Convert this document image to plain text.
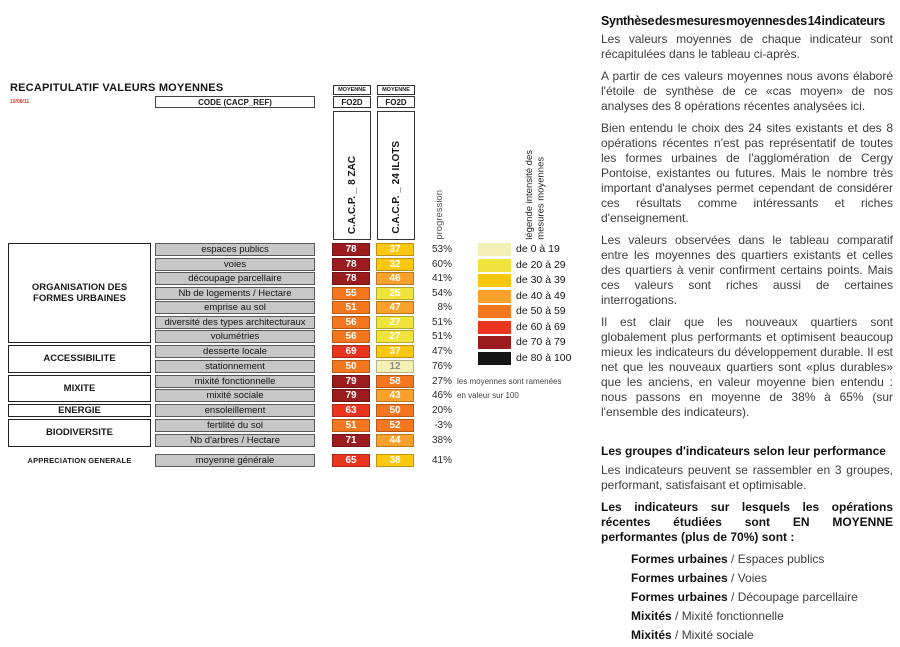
RECAPITULATIF VALEURS MOYENNES
19/08/11	CODE (CACP_REF)
MOYENNE
FO2D
C.A.C.P. _ 8 ZAC
MOYENNE
FO2D
C.A.C.P. _ 24 ILOTS	progression	légende intensité des
mesures moyennes
ORGANISATION DES FORMES URBAINES
espaces publics	78	37	53%
voies	78	32	60%
découpage parcellaire	78	46	41%
Nb de logements / Hectare	55	25	54%
emprise au sol	51	47	8%
diversité des types architecturaux	56	27	51%
volumétries	56	27	51%
ACCESSIBILITE
desserte locale	69	37	47%
stationnement	50	12	76%
MIXITE
mixité fonctionnelle	79	58	27% les moyennes sont ramenées
mixité sociale	79	43	46% en valeur sur 100
ENERGIE	ensoleillement	63	50	20%
BIODIVERSITE
fertilité du sol	51	52	-3%
Nb d'arbres / Hectare	71	44	38%
APPRECIATION GENERALE	moyenne générale	65	38	41%
de 0 à 19
de 20 à 29
de 30 à 39
de 40 à 49
de 50 à 59
de 60 à 69
de 70 à 79
de 80 à 100
Synthèse des mesures moyennes des 14 indicateurs
Les valeurs moyennes de chaque indicateur sont récapitulées dans le tableau ci-après.
A partir de ces valeurs moyennes nous avons élaboré l'étoile de synthèse de ce «cas moyen» de nos analyses des 8 opérations récentes analysées ici.
Bien entendu le choix des 24 sites existants et des 8 opérations récentes n'est pas représentatif de toutes les formes urbaines de l'agglomération de Cergy Pontoise, existantes ou futures. Mais le nombre très important d'analyses permet cependant de considérer ces résultats comme intéressants et riches d'enseignement.
Les valeurs observées dans le tableau comparatif entre les moyennes des quartiers existants et celles des quartiers à venir confirment certains points. Mais ces valeurs sont riches aussi de certaines interrogations.
Il est clair que les nouveaux quartiers sont globalement plus performants et optimisent beaucoup mieux les indicateurs du développement durable. Il est net que les nouveaux quartiers sont «plus durables» que les anciens, en valeur moyenne bien entendu : nous passons en moyenne de 38% à 65% (sur l'ensemble des indicateurs).
Les groupes d'indicateurs selon leur performance
Les indicateurs peuvent se rassembler en 3 groupes, performant, satisfaisant et optimisable.
Les indicateurs sur lesquels les opérations récentes étudiées sont EN MOYENNE performantes (plus de 70%) sont :
Formes urbaines / Espaces publics
Formes urbaines / Voies
Formes urbaines / Découpage parcellaire
Mixités / Mixité fonctionnelle
Mixités / Mixité sociale
